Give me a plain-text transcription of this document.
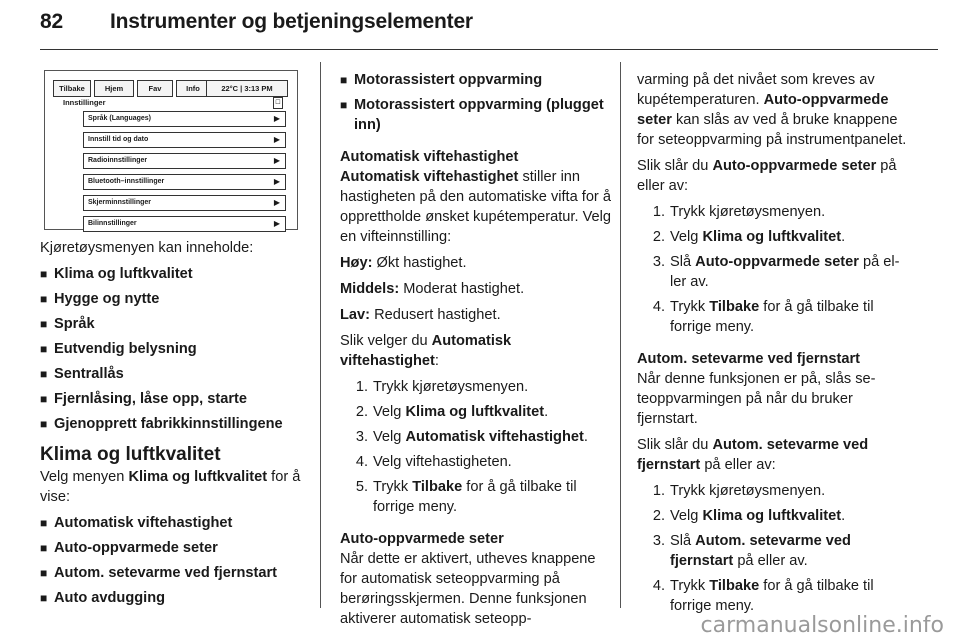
82 Instrumenter og betjeningselementer
Tilbake	Hjem	Fav	Info	22°C | 3:13 PM
Innstillinger	☐
Språk (Languages)	▶
Innstill tid og dato	▶
Radioinnstillinger	▶
Bluetooth–innstillinger	▶
Skjerminnstillinger	▶
Bilinnstillinger	▶

Kjøretøysmenyen kan inneholde:

■ Klima og luftkvalitet
■ Hygge og nytte
■ Språk
■ Eutvendig belysning
■ Sentrallås
■ Fjernlåsing, låse opp, starte
■ Gjenopprett fabrikkinnstillingene
Klima og luftkvalitet

Velg menyen Klima og luftkvalitet for å vise:

■ Automatisk viftehastighet
■ Auto-oppvarmede seter
■ Autom. setevarme ved fjernstart
■ Auto avdugging
■ Motorassistert oppvarming
■ Motorassistert oppvarming (plugget inn)

Automatisk viftehastighet

Automatisk viftehastighet stiller inn hastigheten på den automatiske vifta for å opprettholde ønsket kupétemperatur. Velg en vifteinnstilling:

Høy: Økt hastighet.

Middels: Moderat hastighet.

Lav: Redusert hastighet.

Slik velger du Automatisk viftehastighet:

1. Trykk kjøretøysmenyen.
2. Velg Klima og luftkvalitet.
3. Velg Automatisk viftehastighet.
4. Velg viftehastigheten.
5. Trykk Tilbake for å gå tilbake til forrige meny.

Auto-oppvarmede seter

Når dette er aktivert, utheves knappene for automatisk seteoppvarming på berøringsskjermen. Denne funksjonen aktiverer automatisk seteopp-

varming på det nivået som kreves av kupétemperaturen. Auto-oppvarmede seter kan slås av ved å bruke knappene for seteoppvarming på instrumentpanelet.

Slik slår du Auto-oppvarmede seter på eller av:

1. Trykk kjøretøysmenyen.
2. Velg Klima og luftkvalitet.
3. Slå Auto-oppvarmede seter på eller av.
4. Trykk Tilbake for å gå tilbake til forrige meny.

Autom. setevarme ved fjernstart

Når denne funksjonen er på, slås seteoppvarmingen på når du bruker fjernstart.

Slik slår du Autom. setevarme ved fjernstart på eller av:

1. Trykk kjøretøysmenyen.
2. Velg Klima og luftkvalitet.
3. Slå Autom. setevarme ved fjernstart på eller av.
4. Trykk Tilbake for å gå tilbake til forrige meny.
carmanualsonline.info
